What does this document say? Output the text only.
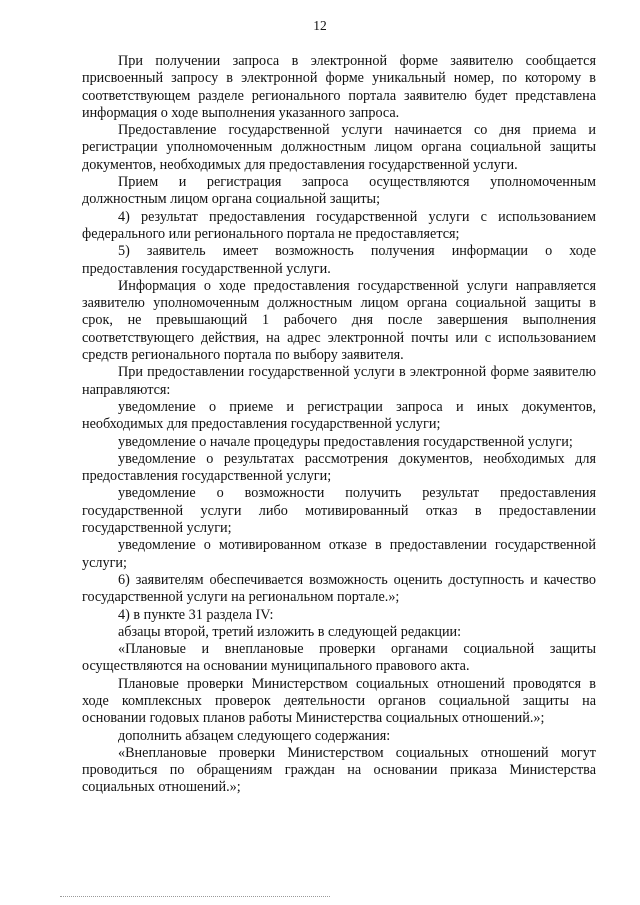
12

При получении запроса в электронной форме заявителю сообщается присвоенный запросу в электронной форме уникальный номер, по которому в соответствующем разделе регионального портала заявителю будет представлена информация о ходе выполнения указанного запроса.

Предоставление государственной услуги начинается со дня приема и регистрации уполномоченным должностным лицом органа социальной защиты документов, необходимых для предоставления государственной услуги.

Прием и регистрация запроса осуществляются уполномоченным должностным лицом органа социальной защиты;

4) результат предоставления государственной услуги с использованием федерального или регионального портала не предоставляется;

5) заявитель имеет возможность получения информации о ходе предоставления государственной услуги.

Информация о ходе предоставления государственной услуги направляется заявителю уполномоченным должностным лицом органа социальной защиты в срок, не превышающий 1 рабочего дня после завершения выполнения соответствующего действия, на адрес электронной почты или с использованием средств регионального портала по выбору заявителя.

При предоставлении государственной услуги в электронной форме заявителю направляются:

уведомление о приеме и регистрации запроса и иных документов, необходимых для предоставления государственной услуги;

уведомление о начале процедуры предоставления государственной услуги;

уведомление о результатах рассмотрения документов, необходимых для предоставления государственной услуги;

уведомление о возможности получить результат предоставления государственной услуги либо мотивированный отказ в предоставлении государственной услуги;

уведомление о мотивированном отказе в предоставлении государственной услуги;

6) заявителям обеспечивается возможность оценить доступность и качество государственной услуги на региональном портале.»;

4) в пункте 31 раздела IV:

абзацы второй, третий изложить в следующей редакции:

«Плановые и внеплановые проверки органами социальной защиты осуществляются на основании муниципального правового акта.

Плановые проверки Министерством социальных отношений проводятся в ходе комплексных проверок деятельности органов социальной защиты на основании годовых планов работы Министерства социальных отношений.»;

дополнить абзацем следующего содержания:

«Внеплановые проверки Министерством социальных отношений могут проводиться по обращениям граждан на основании приказа Министерства социальных отношений.»;
